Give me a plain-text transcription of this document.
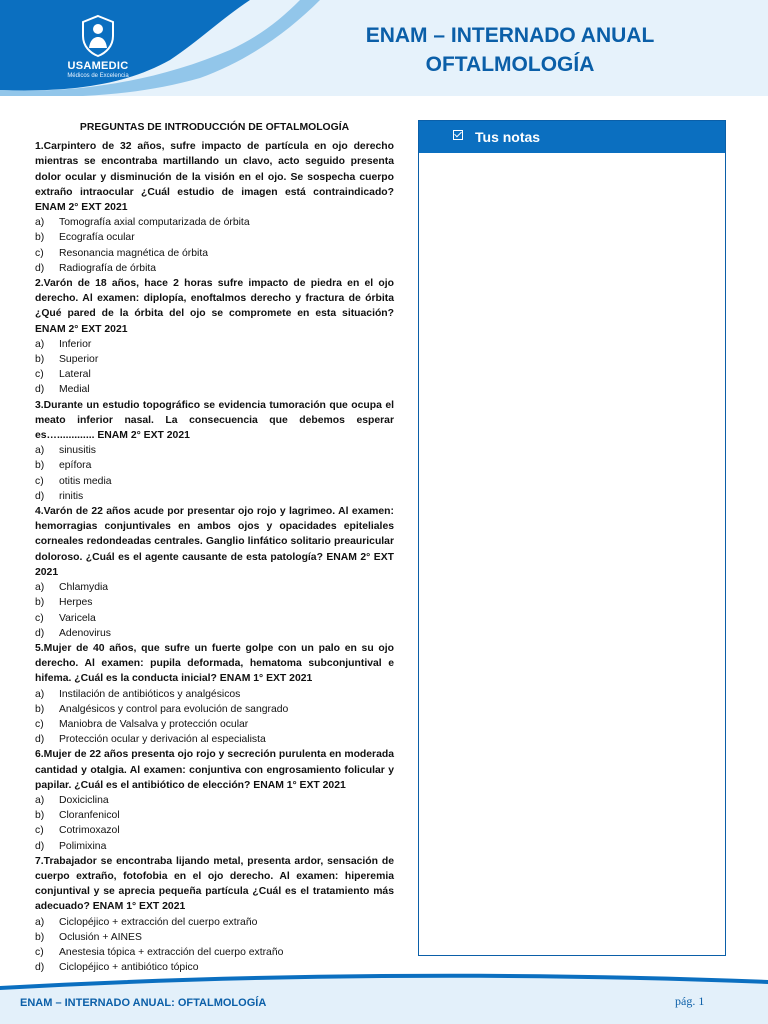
USAMEDIC
Médicos de Excelencia
ENAM – INTERNADO ANUAL
OFTALMOLOGÍA
PREGUNTAS DE INTRODUCCIÓN DE OFTALMOLOGÍA
1.Carpintero de 32 años, sufre impacto de partícula en ojo derecho mientras se encontraba martillando un clavo, acto seguido presenta dolor ocular y disminución de la visión en el ojo. Se sospecha cuerpo extraño intraocular ¿Cuál estudio de imagen está contraindicado? ENAM 2° EXT 2021
a)	Tomografía axial computarizada de órbita
b)	Ecografía ocular
c)	Resonancia magnética de órbita
d)	Radiografía de órbita
2.Varón de 18 años, hace 2 horas sufre impacto de piedra en el ojo derecho. Al examen: diplopía, enoftalmos derecho y fractura de órbita ¿Qué pared de la órbita del ojo se compromete en esta situación? ENAM 2° EXT 2021
a)	Inferior
b)	Superior
c)	Lateral
d)	Medial
3.Durante un estudio topográfico se evidencia tumoración que ocupa el meato inferior nasal. La consecuencia que debemos esperar es…............. ENAM 2° EXT 2021
a)	sinusitis
b)	epífora
c)	otitis media
d)	rinitis
4.Varón de 22 años acude por presentar ojo rojo y lagrimeo. Al examen: hemorragias conjuntivales en ambos ojos y opacidades epiteliales corneales redondeadas centrales. Ganglio linfático solitario preauricular doloroso. ¿Cuál es el agente causante de esta patología? ENAM 2° EXT 2021
a)	Chlamydia
b)	Herpes
c)	Varicela
d)	Adenovirus
5.Mujer de 40 años, que sufre un fuerte golpe con un palo en su ojo derecho. Al examen: pupila deformada, hematoma subconjuntival e hifema. ¿Cuál es la conducta inicial? ENAM 1° EXT 2021
a)	Instilación de antibióticos y analgésicos
b)	Analgésicos y control para evolución de sangrado
c)	Maniobra de Valsalva y protección ocular
d)	Protección ocular y derivación al especialista
6.Mujer de 22 años presenta ojo rojo y secreción purulenta en moderada cantidad y otalgia. Al examen: conjuntiva con engrosamiento folicular y papilar. ¿Cuál es el antibiótico de elección? ENAM 1° EXT 2021
a)	Doxiciclina
b)	Cloranfenicol
c)	Cotrimoxazol
d)	Polimixina
7.Trabajador se encontraba lijando metal, presenta ardor, sensación de cuerpo extraño, fotofobia en el ojo derecho. Al examen: hiperemia conjuntival y se aprecia pequeña partícula ¿Cuál es el tratamiento más adecuado? ENAM 1° EXT 2021
a)	Ciclopéjico + extracción del cuerpo extraño
b)	Oclusión + AINES
c)	Anestesia tópica + extracción del cuerpo extraño
d)	Ciclopéjico + antibiótico tópico
Tus notas
ENAM – INTERNADO ANUAL: OFTALMOLOGÍA	pág. 1
